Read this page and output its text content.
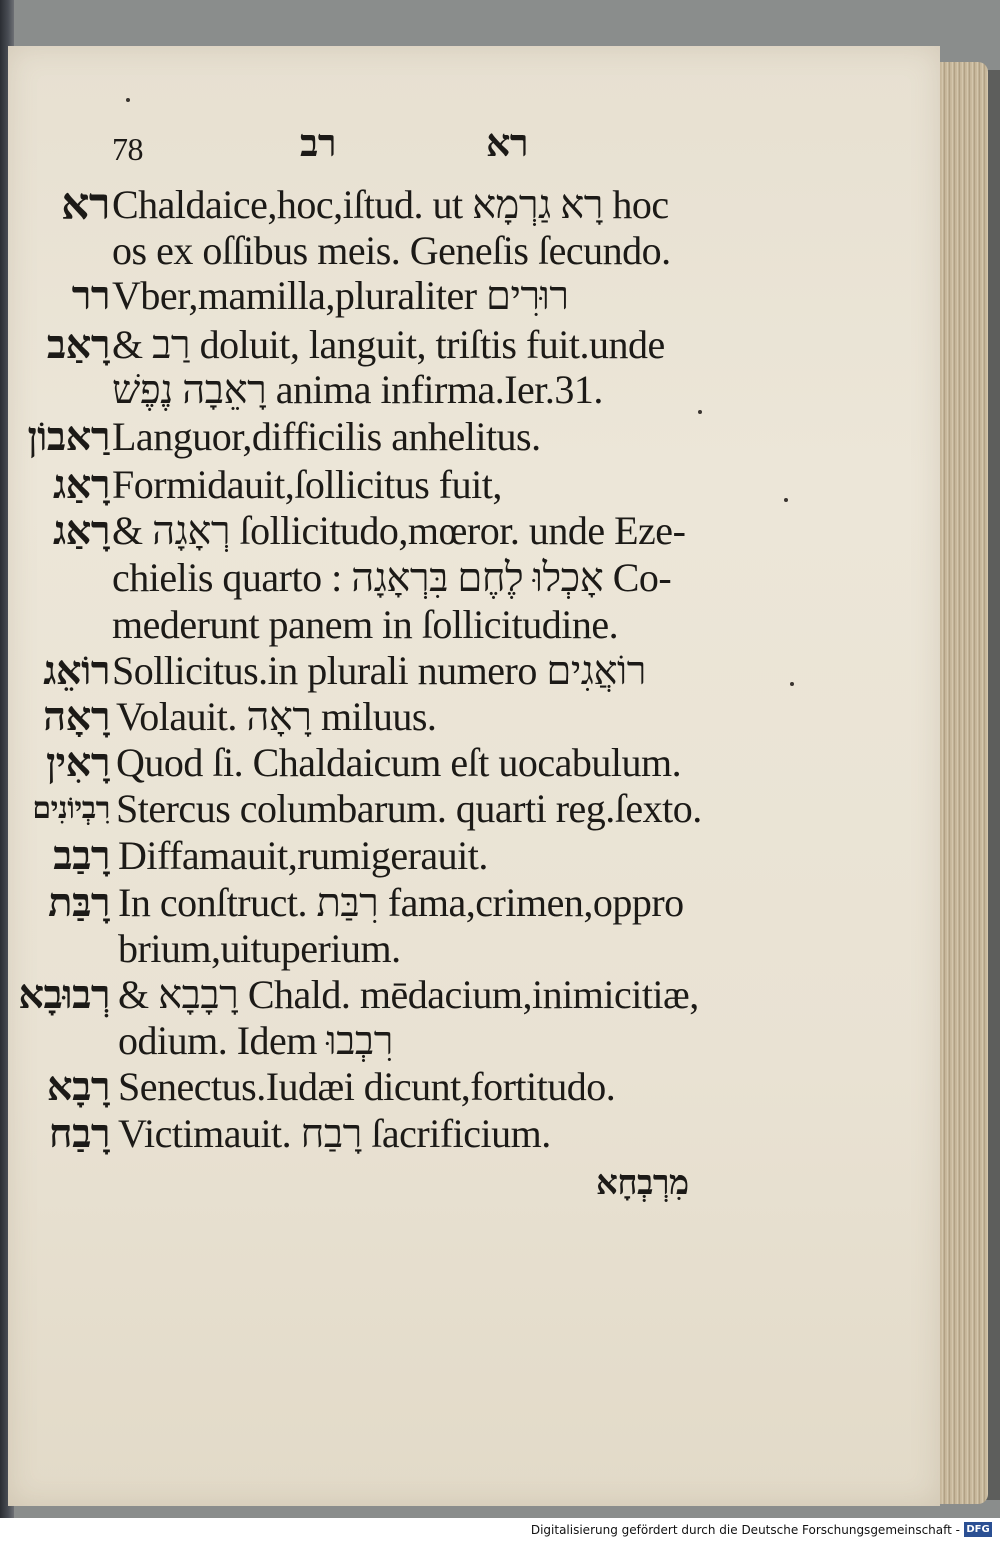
78	רב	רא
רא Chaldaice,hoc,iſtud. ut רָא גַרְמָא hoc
os ex oſſibus meis. Geneſis ſecundo.
רר Vber,mamilla,pluraliter רוּרִים
רָאַב & רַב doluit, languit, triſtis fuit.unde
רָאֵבָה נֶפֶשׁ anima infirma.Ier.31.
רַאבוֹן Languor,difficilis anhelitus.
רָאַג Formidauit,ſollicitus fuit,
רָאַג & רְאָגָה ſollicitudo,mœror. unde Eze-
chielis quarto : אָכְלוּ לֶחֶם בִּרְאָגָה Co-
mederunt panem in ſollicitudine.
רוֹאֵג Sollicitus.in plurali numero רוֹאֲגִים
רָאָה Volauit. רָאָה miluus.
רָאִין Quod ſi. Chaldaicum eſt uocabulum.
רִבְיוֹנִים Stercus columbarum. quarti reg.ſexto.
רָבַב Diffamauit,rumigerauit.
רָבַּת In conſtruct. רִבַּת fama,crimen,oppro
brium,uituperium.
רְבוּבָא & רָבָבָא Chald. mēdacium,inimicitiæ,
odium. Idem רִבְבוּ
רָבָא Senectus.Iudæi dicunt,fortitudo.
רָבַח Victimauit. רָבַח ſacrificium.
מִרְבְחָא
Digitalisierung gefördert durch die Deutsche Forschungsgemeinschaft - DFG
